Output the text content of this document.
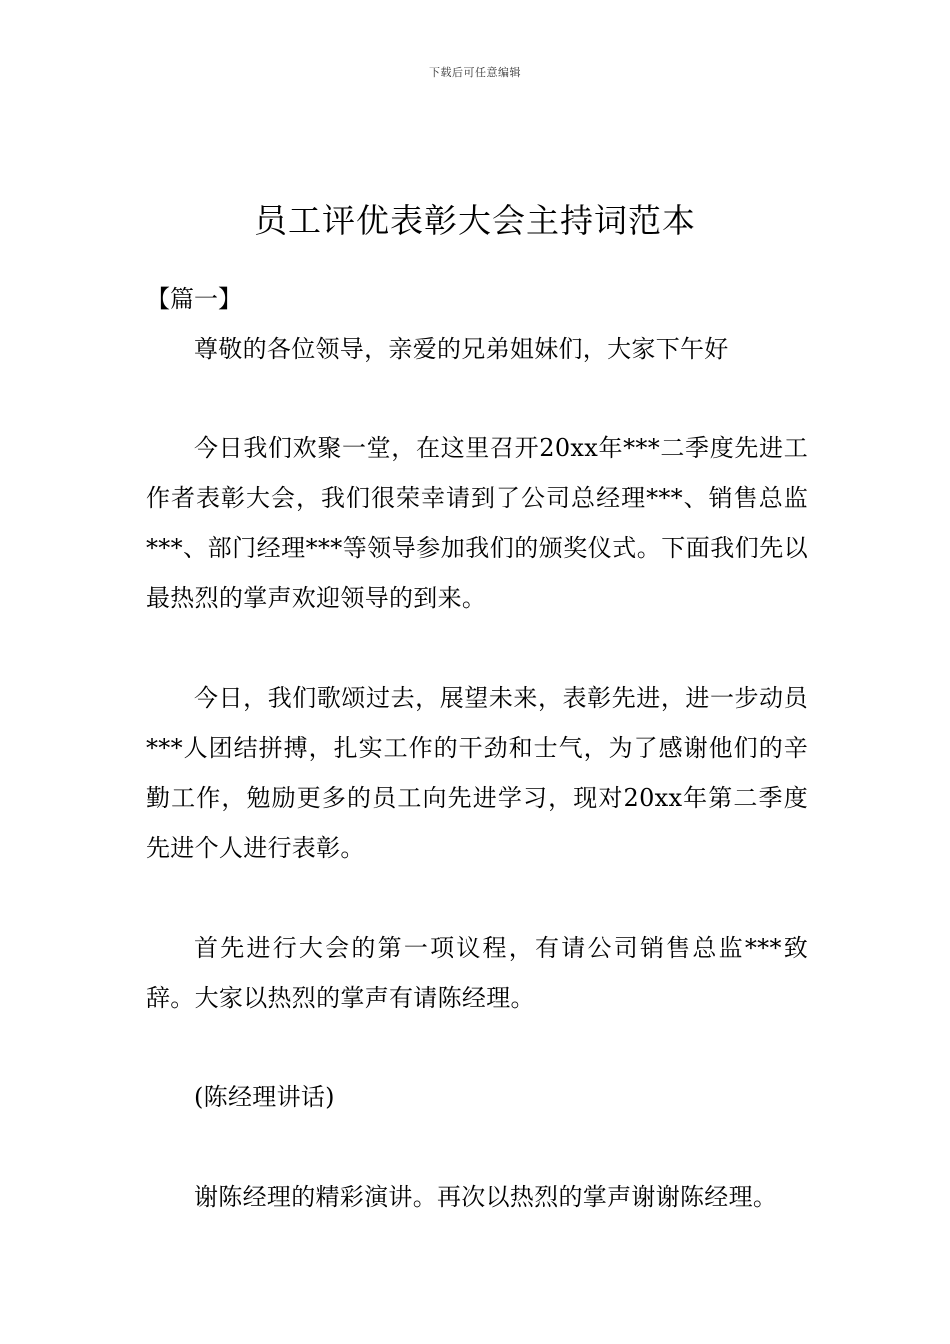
下载后可任意编辑
员工评优表彰大会主持词范本
【篇一】

尊敬的各位领导，亲爱的兄弟姐妹们，大家下午好

今日我们欢聚一堂，在这里召开20xx年***二季度先进工作者表彰大会，我们很荣幸请到了公司总经理***、销售总监***、部门经理***等领导参加我们的颁奖仪式。下面我们先以最热烈的掌声欢迎领导的到来。

今日，我们歌颂过去，展望未来，表彰先进，进一步动员***人团结拼搏，扎实工作的干劲和士气，为了感谢他们的辛勤工作，勉励更多的员工向先进学习，现对20xx年第二季度先进个人进行表彰。

首先进行大会的第一项议程，有请公司销售总监***致辞。大家以热烈的掌声有请陈经理。

(陈经理讲话)

谢陈经理的精彩演讲。再次以热烈的掌声谢谢陈经理。
